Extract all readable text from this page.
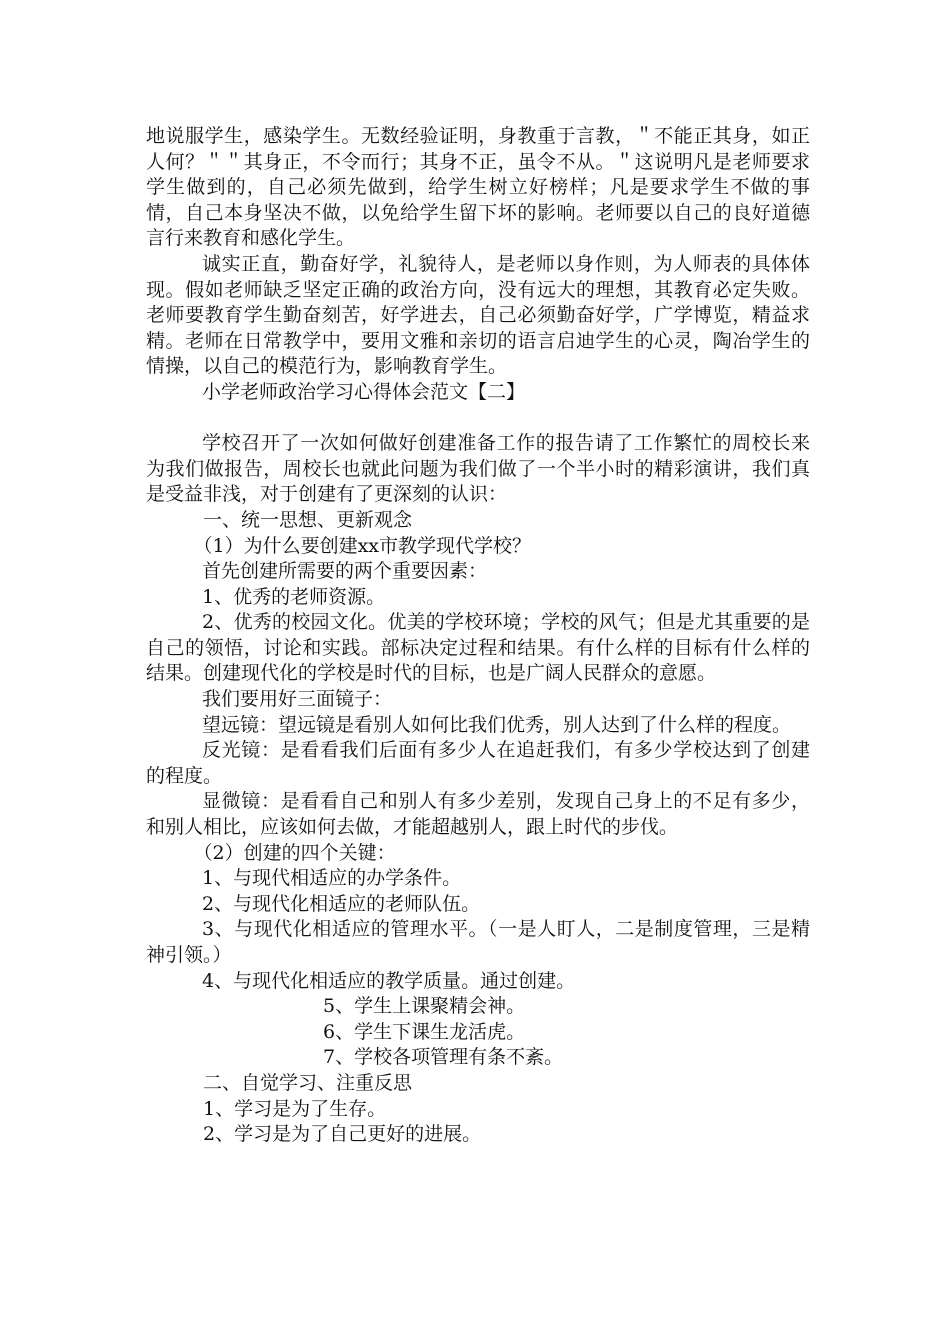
地说服学生，感染学生。无数经验证明，身教重于言教，＂不能正其身，如正人何？＂＂其身正，不令而行；其身不正，虽令不从。＂这说明凡是老师要求学生做到的，自己必须先做到，给学生树立好榜样；凡是要求学生不做的事情，自己本身坚决不做，以免给学生留下坏的影响。老师要以自己的良好道德言行来教育和感化学生。

诚实正直，勤奋好学，礼貌待人，是老师以身作则，为人师表的具体体现。假如老师缺乏坚定正确的政治方向，没有远大的理想，其教育必定失败。老师要教育学生勤奋刻苦，好学进去，自己必须勤奋好学，广学博览，精益求精。老师在日常教学中，要用文雅和亲切的语言启迪学生的心灵，陶冶学生的情操，以自己的模范行为，影响教育学生。

小学老师政治学习心得体会范文【二】

学校召开了一次如何做好创建准备工作的报告请了工作繁忙的周校长来为我们做报告，周校长也就此问题为我们做了一个半小时的精彩演讲，我们真是受益非浅，对于创建有了更深刻的认识：

一、统一思想、更新观念

（1）为什么要创建xx市教学现代学校？

首先创建所需要的两个重要因素：

1、优秀的老师资源。

2、优秀的校园文化。优美的学校环境；学校的风气；但是尤其重要的是自己的领悟，讨论和实践。部标决定过程和结果。有什么样的目标有什么样的结果。创建现代化的学校是时代的目标，也是广阔人民群众的意愿。

我们要用好三面镜子：

望远镜：望远镜是看别人如何比我们优秀，别人达到了什么样的程度。

反光镜：是看看我们后面有多少人在追赶我们，有多少学校达到了创建的程度。

显微镜：是看看自己和别人有多少差别，发现自己身上的不足有多少，和别人相比，应该如何去做，才能超越别人，跟上时代的步伐。

（2）创建的四个关键：

1、与现代相适应的办学条件。

2、与现代化相适应的老师队伍。

3、与现代化相适应的管理水平。（一是人盯人，二是制度管理，三是精神引领。）

4、与现代化相适应的教学质量。通过创建。

5、学生上课聚精会神。

6、学生下课生龙活虎。

7、学校各项管理有条不紊。

二、自觉学习、注重反思

1、学习是为了生存。

2、学习是为了自己更好的进展。
